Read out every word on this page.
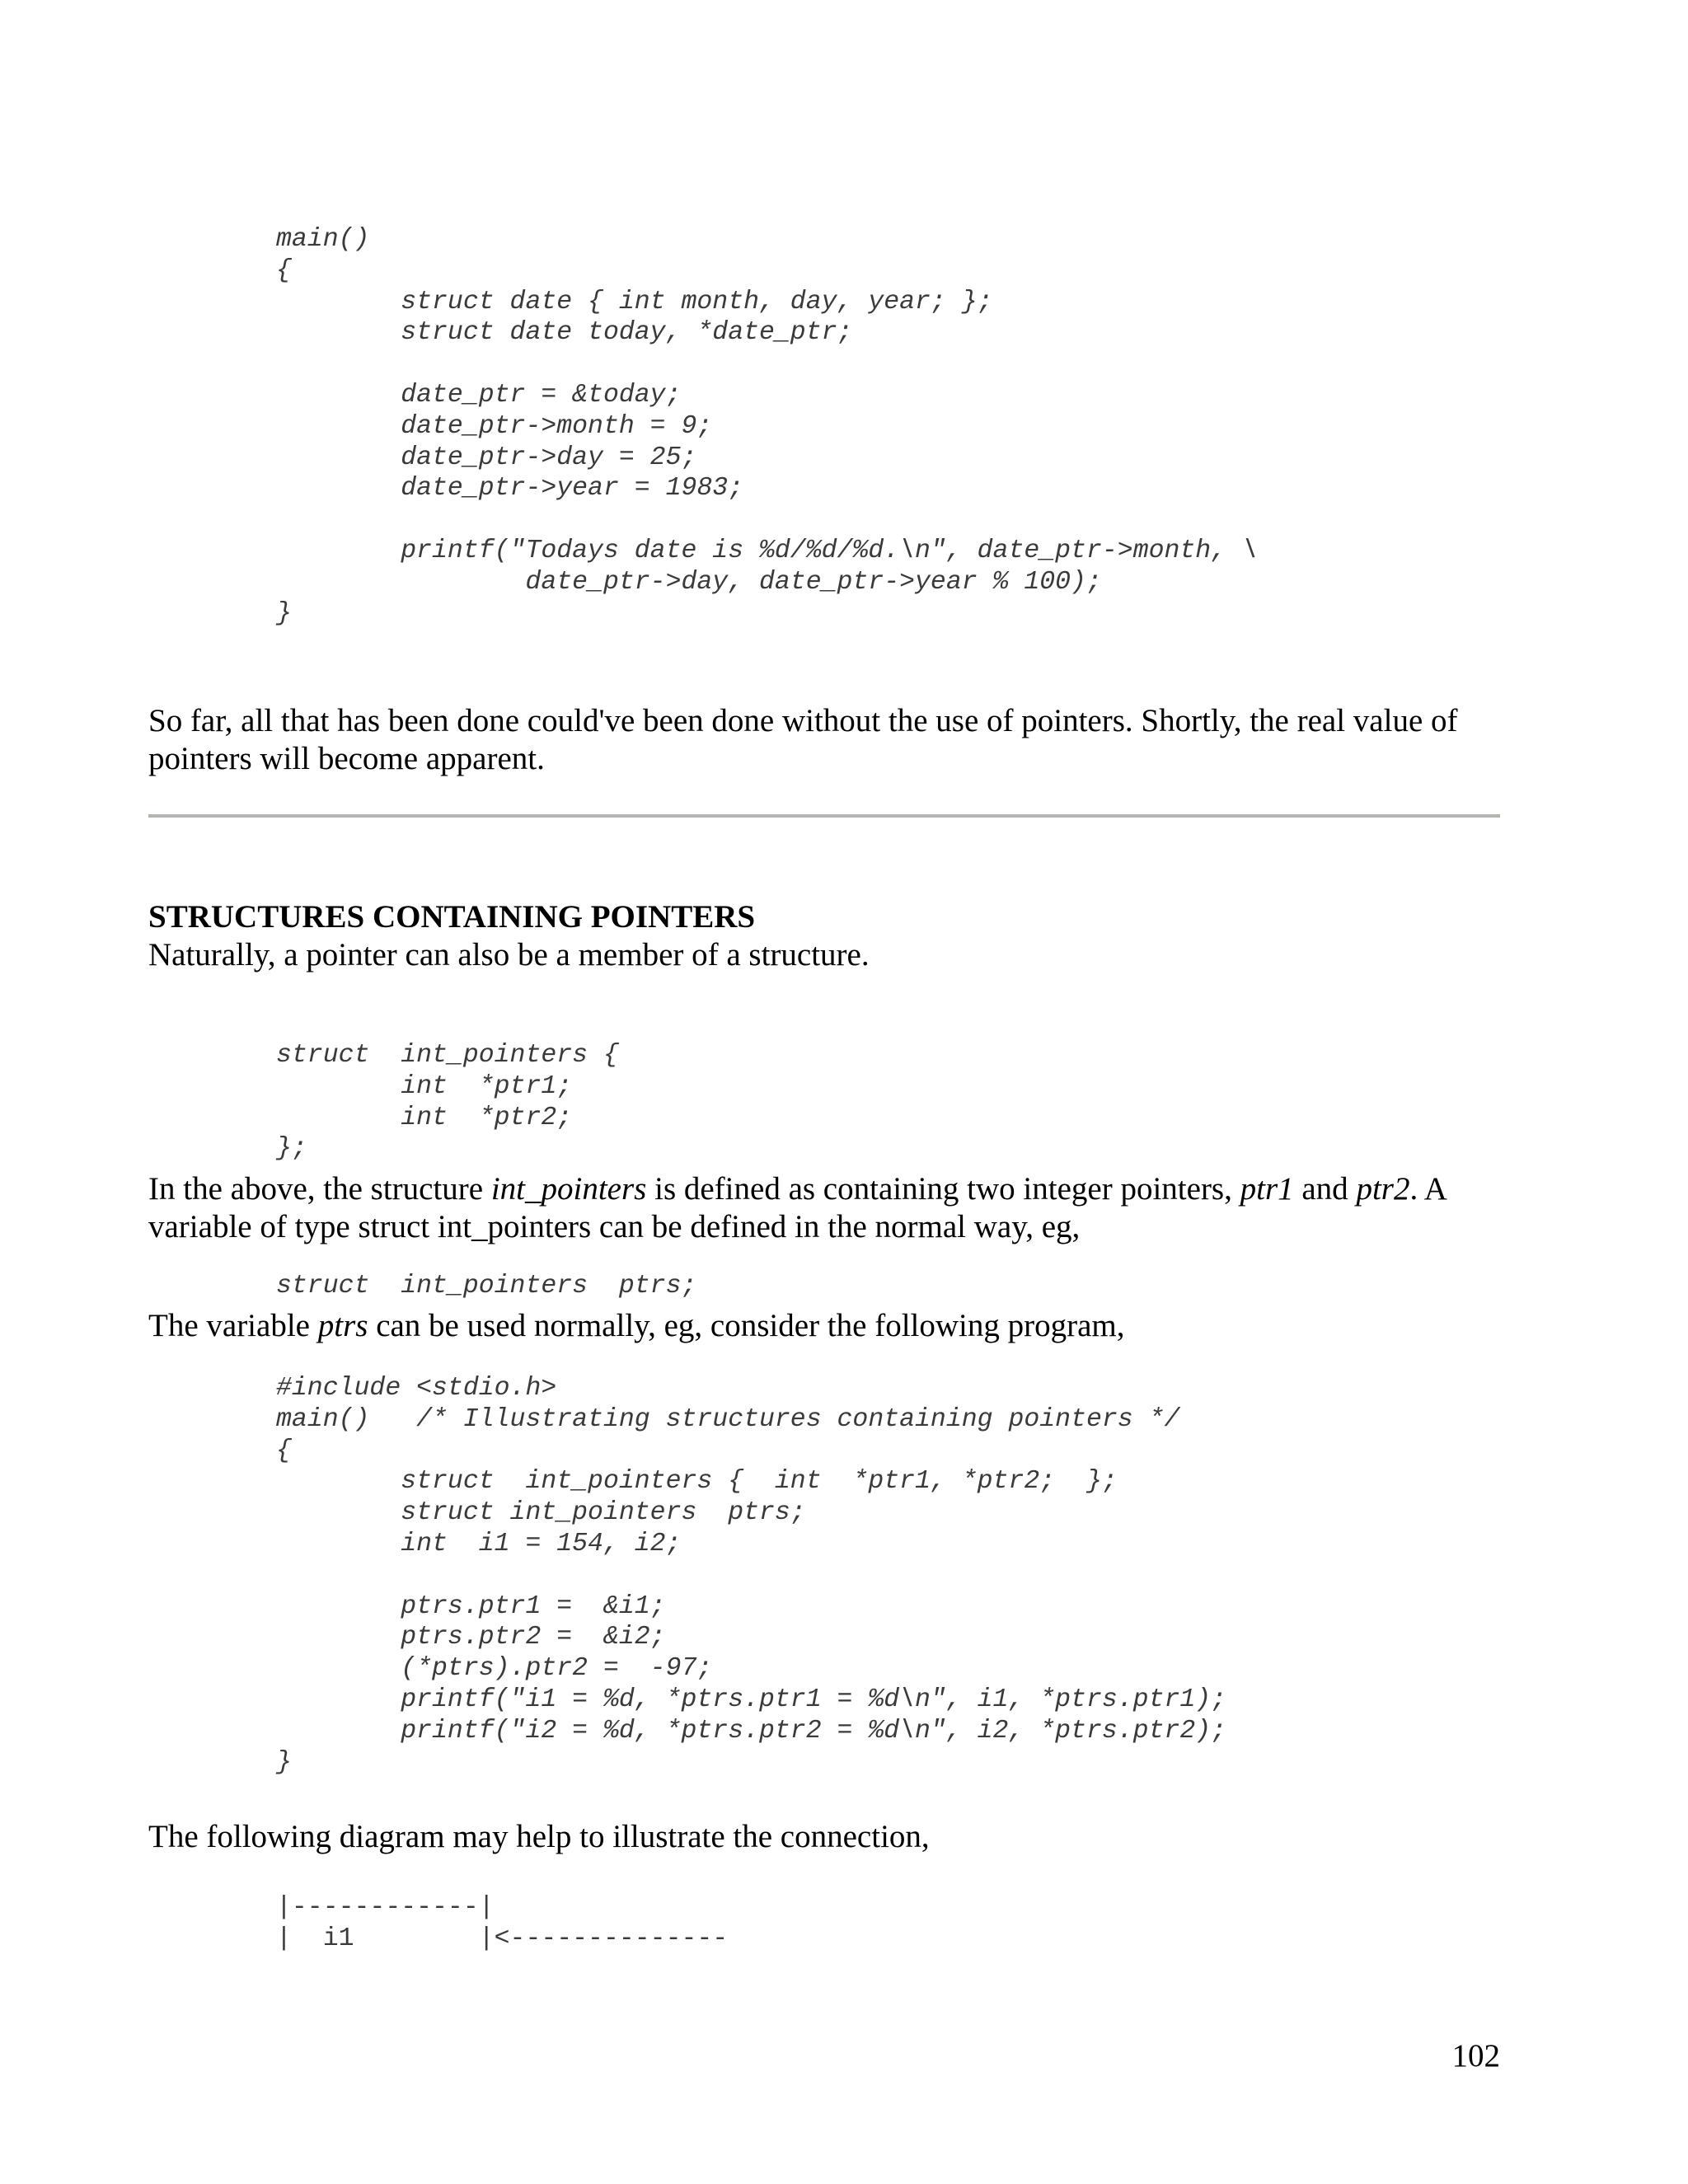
main()
{
struct date { int month, day, year; };
struct date today, *date_ptr;
date_ptr = &today;
date_ptr->month = 9;
date_ptr->day = 25;
date_ptr->year = 1983;
printf("Todays date is %d/%d/%d.\n", date_ptr->month, \
date_ptr->day, date_ptr->year % 100);
}

So far, all that has been done could've been done without the use of pointers. Shortly, the real value of pointers will become apparent.

STRUCTURES CONTAINING POINTERS

Naturally, a pointer can also be a member of a structure.

struct  int_pointers {
int  *ptr1;
int  *ptr2;
};

In the above, the structure int_pointers is defined as containing two integer pointers, ptr1 and ptr2. A variable of type struct int_pointers can be defined in the normal way, eg,

struct  int_pointers  ptrs;

The variable ptrs can be used normally, eg, consider the following program,

#include <stdio.h>
main()   /* Illustrating structures containing pointers */
{
struct  int_pointers {  int  *ptr1, *ptr2;  };
struct int_pointers  ptrs;
int  i1 = 154, i2;
ptrs.ptr1 =  &i1;
ptrs.ptr2 =  &i2;
(*ptrs).ptr2 =  -97;
printf("i1 = %d, *ptrs.ptr1 = %d\n", i1, *ptrs.ptr1);
printf("i2 = %d, *ptrs.ptr2 = %d\n", i2, *ptrs.ptr2);
}

The following diagram may help to illustrate the connection,

|------------|
|  i1        |<--------------
102
